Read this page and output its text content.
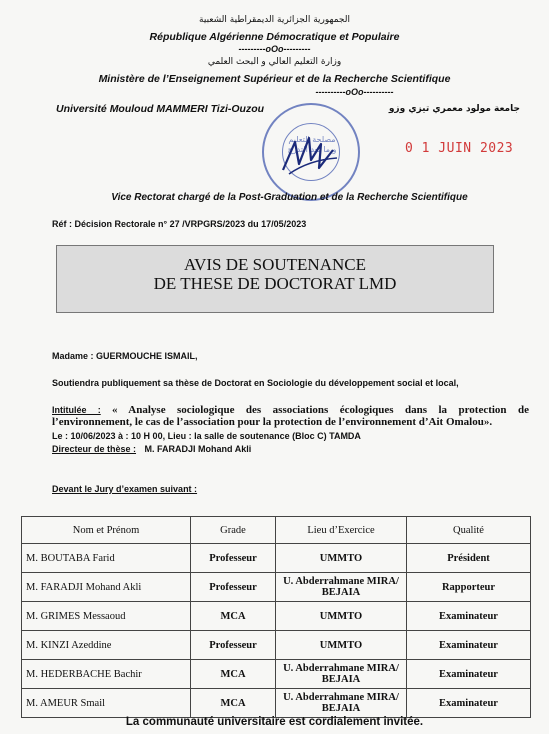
الجمهورية الجزائرية الديمقراطية الشعبية
République Algérienne Démocratique et Populaire
---------oOo---------
وزارة التعليم العالي و البحث العلمي
Ministère de l’Enseignement Supérieur et de la Recherche Scientifique
----------oOo----------
Université Mouloud MAMMERI Tizi-Ouzou	جامعة مولود معمري تيزي وزو
مصلحة التعليم و ما بعد التدرج	0 1 JUIN 2023
Vice Rectorat chargé de la Post-Graduation et de la Recherche Scientifique
Réf : Décision Rectorale n° 27 /VRPGRS/2023 du 17/05/2023
AVIS DE SOUTENANCE
DE THESE DE DOCTORAT LMD
Madame : GUERMOUCHE ISMAIL,
Soutiendra publiquement sa thèse de Doctorat en Sociologie du développement social et local,
Intitulée : « Analyse sociologique des associations écologiques dans la protection de
l’environnement, le cas de l’association pour la protection de l’environnement d’Ait Omalou».
Le : 10/06/2023 à : 10 H 00, Lieu : la salle de soutenance (Bloc C) TAMDA
Directeur de thèse : M. FARADJI Mohand Akli
Devant le Jury d’examen suivant :
Nom et Prénom	Grade	Lieu d’Exercice	Qualité
M. BOUTABA Farid	Professeur	UMMTO	Président
M. FARADJI Mohand Akli	Professeur	U. Abderrahmane MIRA/ BEJAIA	Rapporteur
M. GRIMES Messaoud	MCA	UMMTO	Examinateur
M. KINZI Azeddine	Professeur	UMMTO	Examinateur
M. HEDERBACHE Bachir	MCA	U. Abderrahmane MIRA/ BEJAIA	Examinateur
M. AMEUR Smail	MCA	U. Abderrahmane MIRA/ BEJAIA	Examinateur
La communauté universitaire est cordialement invitée.
